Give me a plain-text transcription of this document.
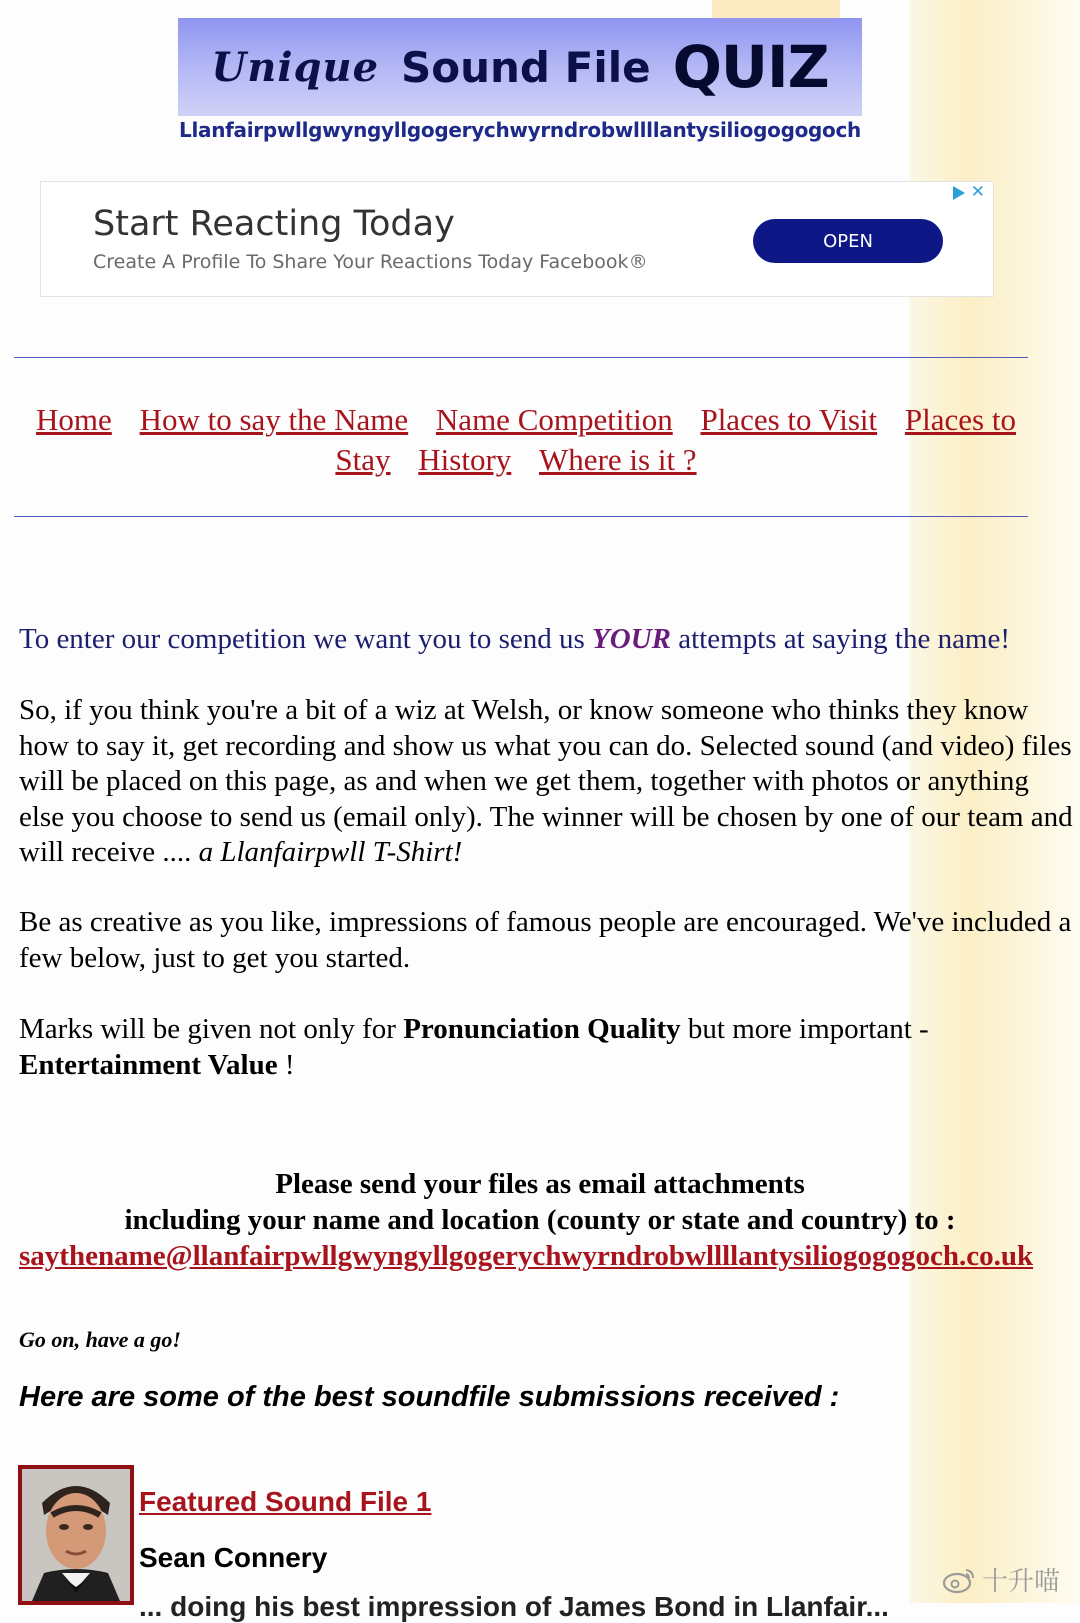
Unique Sound File QUIZ
Llanfairpwllgwyngyllgogerychwyrndrobwllllantysiliogogogoch
✕
Start Reacting Today
Create A Profile To Share Your Reactions Today Facebook®
OPEN
Home How to say the Name Name Competition Places to Visit Places to Stay History Where is it ?
To enter our competition we want you to send us YOUR attempts at saying the name!
So, if you think you're a bit of a wiz at Welsh, or know someone who thinks they know how to say it, get recording and show us what you can do. Selected sound (and video) files will be placed on this page, as and when we get them, together with photos or anything else you choose to send us (email only). The winner will be chosen by one of our team and will receive .... a Llanfairpwll T-Shirt!
Be as creative as you like, impressions of famous people are encouraged. We've included a few below, just to get you started.
Marks will be given not only for Pronunciation Quality but more important - Entertainment Value !
Please send your files as email attachments
including your name and location (county or state and country) to :
saythename@llanfairpwllgwyngyllgogerychwyrndrobwllllantysiliogogogoch.co.uk
Go on, have a go!
Here are some of the best soundfile submissions received :
Featured Sound File 1
Sean Connery
... doing his best impression of James Bond in Llanfair...
十升喵
